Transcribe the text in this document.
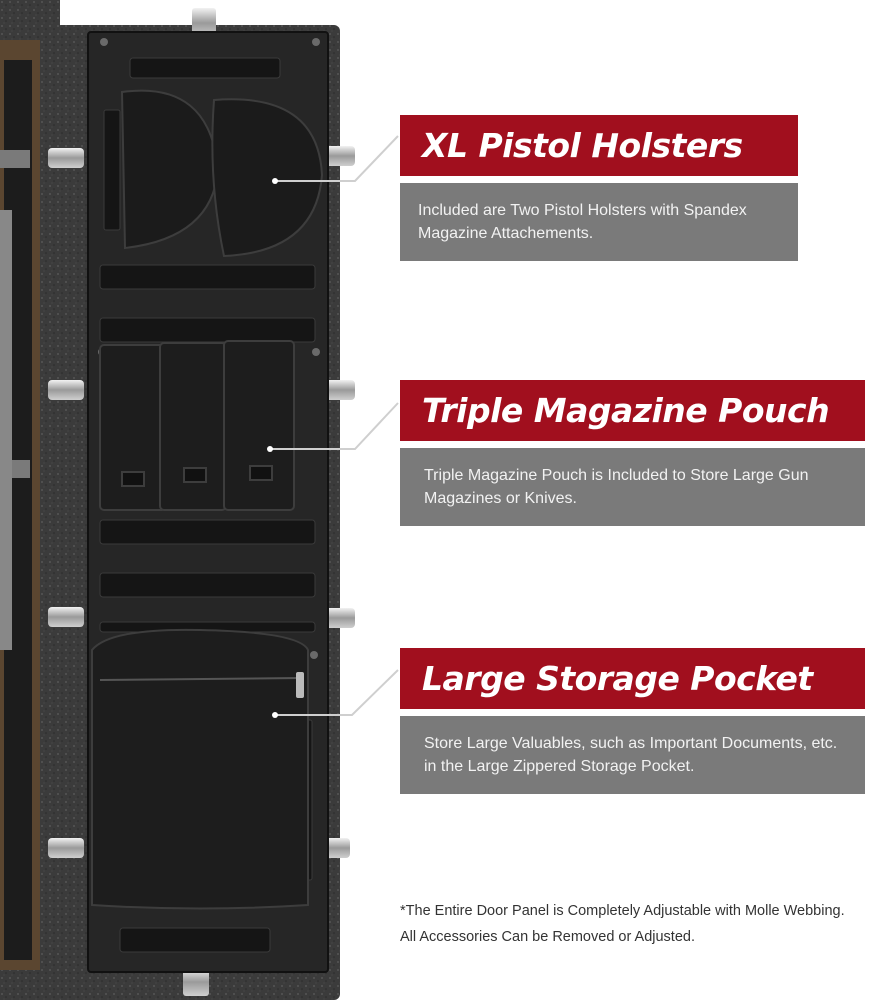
XL Pistol Holsters
Included are Two Pistol Holsters with Spandex Magazine Attachements.
Triple Magazine Pouch
Triple Magazine Pouch is Included to Store Large Gun Magazines or Knives.
Large Storage Pocket
Store Large Valuables, such as Important Documents, etc. in the Large Zippered Storage Pocket.
*The Entire Door Panel is Completely Adjustable with Molle Webbing.
All Accessories Can be Removed or Adjusted.
